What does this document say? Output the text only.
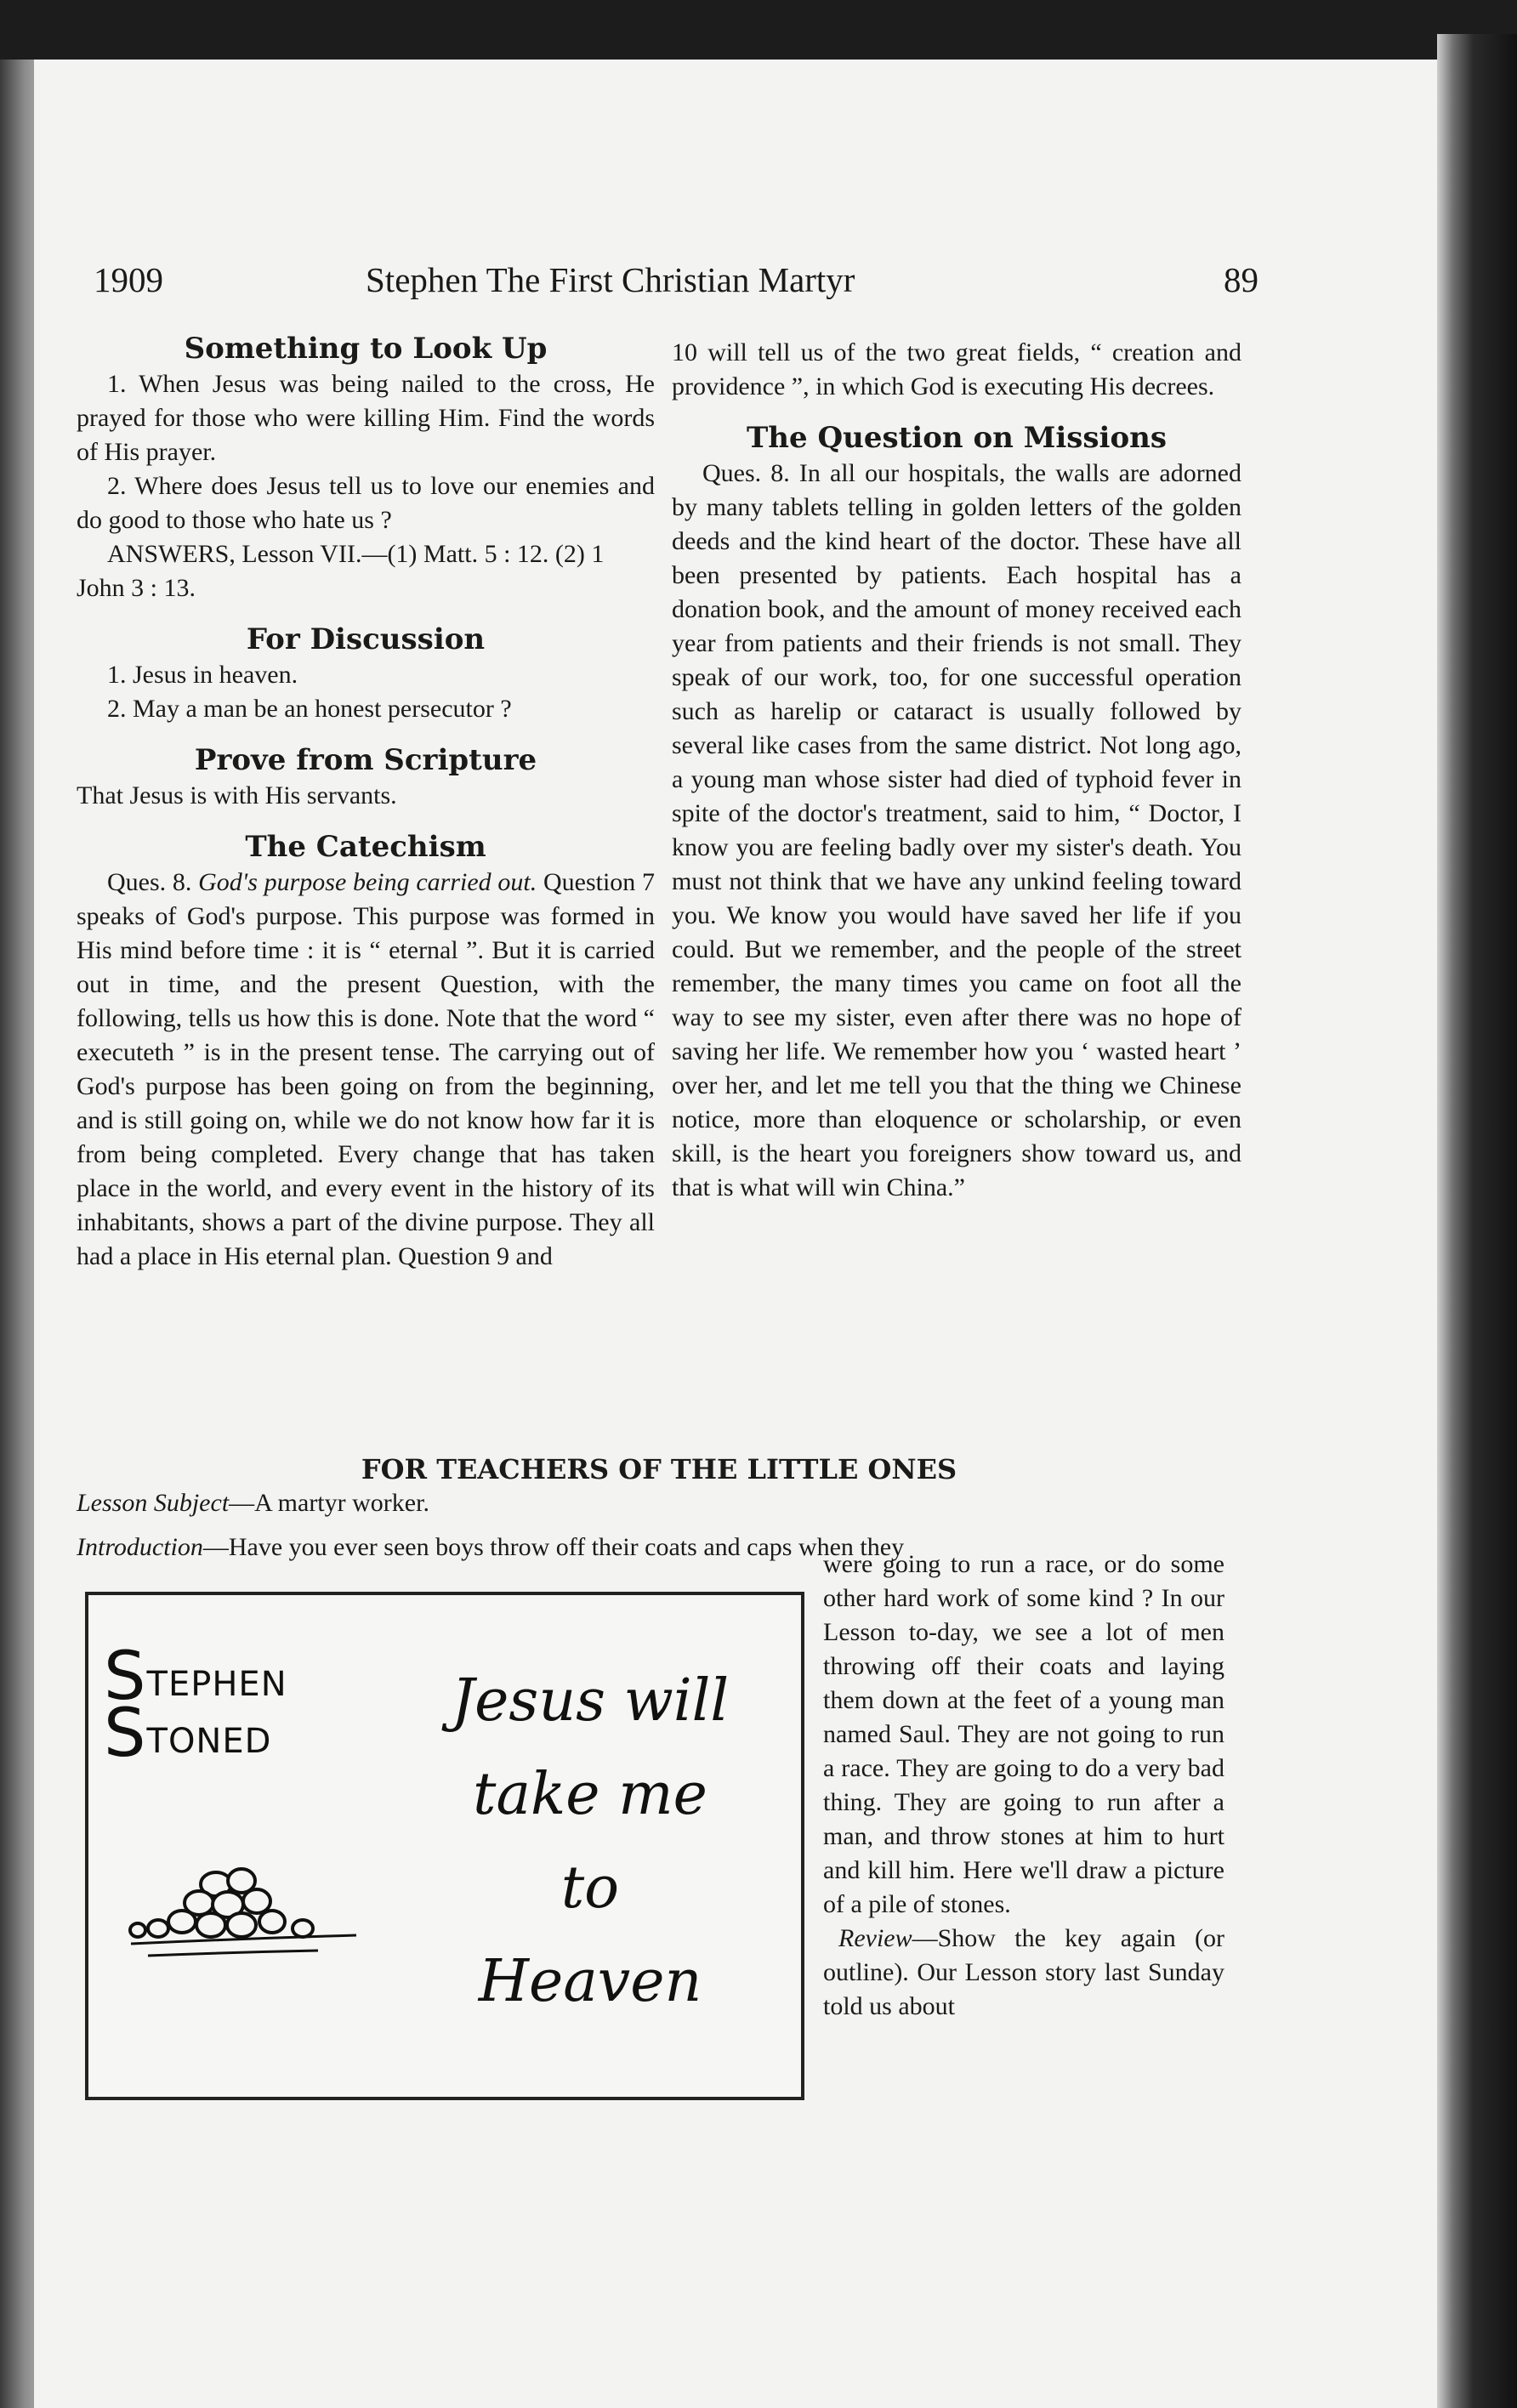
1909	Stephen The First Christian Martyr	89
Something to Look Up

1. When Jesus was being nailed to the cross, He prayed for those who were killing Him. Find the words of His prayer.

2. Where does Jesus tell us to love our enemies and do good to those who hate us ?

ANSWERS, Lesson VII.—(1) Matt. 5 : 12. (2) 1 John 3 : 13.

For Discussion

1. Jesus in heaven.

2. May a man be an honest persecutor ?

Prove from Scripture

That Jesus is with His servants.

The Catechism

Ques. 8. God's purpose being carried out. Question 7 speaks of God's purpose. This purpose was formed in His mind before time : it is “ eternal ”. But it is carried out in time, and the present Question, with the following, tells us how this is done. Note that the word “ executeth ” is in the present tense. The carrying out of God's purpose has been going on from the beginning, and is still going on, while we do not know how far it is from being completed. Every change that has taken place in the world, and every event in the history of its inhabitants, shows a part of the divine purpose. They all had a place in His eternal plan. Question 9 and

10 will tell us of the two great fields, “ creation and providence ”, in which God is executing His decrees.

The Question on Missions

Ques. 8. In all our hospitals, the walls are adorned by many tablets telling in golden letters of the golden deeds and the kind heart of the doctor. These have all been presented by patients. Each hospital has a donation book, and the amount of money received each year from patients and their friends is not small. They speak of our work, too, for one successful operation such as harelip or cataract is usually followed by several like cases from the same district. Not long ago, a young man whose sister had died of typhoid fever in spite of the doctor's treatment, said to him, “ Doctor, I know you are feeling badly over my sister's death. You must not think that we have any unkind feeling toward you. We know you would have saved her life if you could. But we remember, and the people of the street remember, the many times you came on foot all the way to see my sister, even after there was no hope of saving her life. We remember how you ‘ wasted heart ’ over her, and let me tell you that the thing we Chinese notice, more than eloquence or scholarship, or even skill, is the heart you foreigners show toward us, and that is what will win China.”

FOR TEACHERS OF THE LITTLE ONES

Lesson Subject—A martyr worker.

Introduction—Have you ever seen boys throw off their coats and caps when they
STEPHEN
STONED
Jesus will
take me
to
Heaven

were going to run a race, or do some other hard work of some kind ? In our Lesson to-day, we see a lot of men throwing off their coats and laying them down at the feet of a young man named Saul. They are not going to run a race. They are going to do a very bad thing. They are going to run after a man, and throw stones at him to hurt and kill him. Here we'll draw a picture of a pile of stones.

Review—Show the key again (or outline). Our Lesson story last Sunday told us about
